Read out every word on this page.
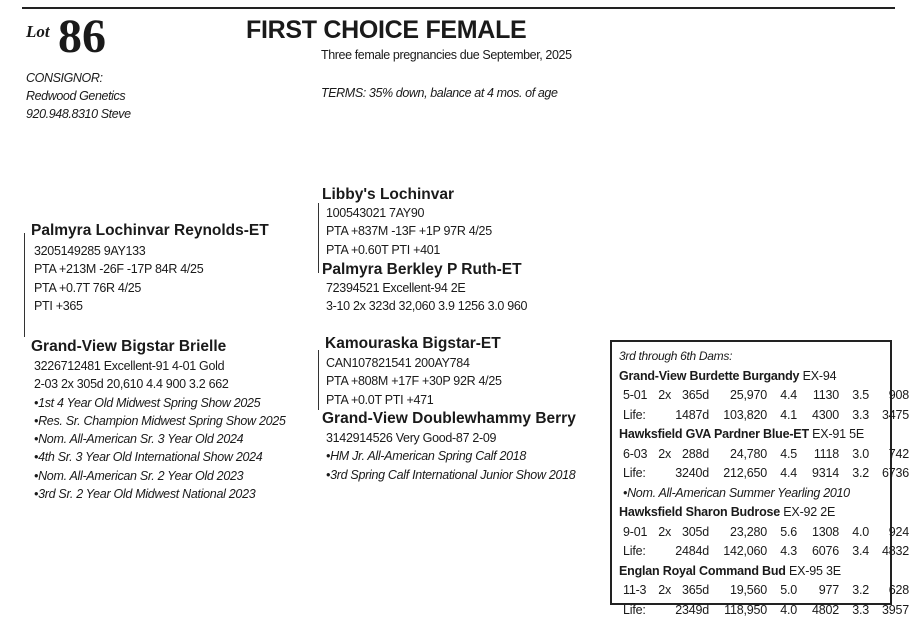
Lot 86	FIRST CHOICE FEMALE
Three female pregnancies due September, 2025
TERMS: 35% down, balance at 4 mos. of age
CONSIGNOR:
Redwood Genetics
920.948.8310 Steve
Palmyra Lochinvar Reynolds-ET
3205149285 9AY133
PTA +213M -26F -17P 84R 4/25
PTA +0.7T 76R 4/25
PTI +365
Libby's Lochinvar
100543021 7AY90
PTA +837M -13F +1P 97R 4/25
PTA +0.60T PTI +401
Palmyra Berkley P Ruth-ET
72394521 Excellent-94 2E
3-10 2x 323d 32,060 3.9 1256 3.0 960
Grand-View Bigstar Brielle
3226712481 Excellent-91 4-01 Gold
2-03 2x 305d 20,610 4.4 900 3.2 662
•1st 4 Year Old Midwest Spring Show 2025
•Res. Sr. Champion Midwest Spring Show 2025
•Nom. All-American Sr. 3 Year Old 2024
•4th Sr. 3 Year Old International Show 2024
•Nom. All-American Sr. 2 Year Old 2023
•3rd Sr. 2 Year Old Midwest National 2023
Kamouraska Bigstar-ET
CAN107821541 200AY784
PTA +808M +17F +30P 92R 4/25
PTA +0.0T PTI +471
Grand-View Doublewhammy Berry
3142914526 Very Good-87 2-09
•HM Jr. All-American Spring Calf 2018
•3rd Spring Calf International Junior Show 2018
3rd through 6th Dams:
Grand-View Burdette Burgandy EX-94
5-01 2x 365d 25,970 4.4 1130 3.5 908
Life: 1487d 103,820 4.1 4300 3.3 3475
Hawksfield GVA Pardner Blue-ET EX-91 5E
6-03 2x 288d 24,780 4.5 1118 3.0 742
Life: 3240d 212,650 4.4 9314 3.2 6736
•Nom. All-American Summer Yearling 2010
Hawksfield Sharon Budrose EX-92 2E
9-01 2x 305d 23,280 5.6 1308 4.0 924
Life: 2484d 142,060 4.3 6076 3.4 4832
Englan Royal Command Bud EX-95 3E
11-3 2x 365d 19,560 5.0 977 3.2 628
Life: 2349d 118,950 4.0 4802 3.3 3957
